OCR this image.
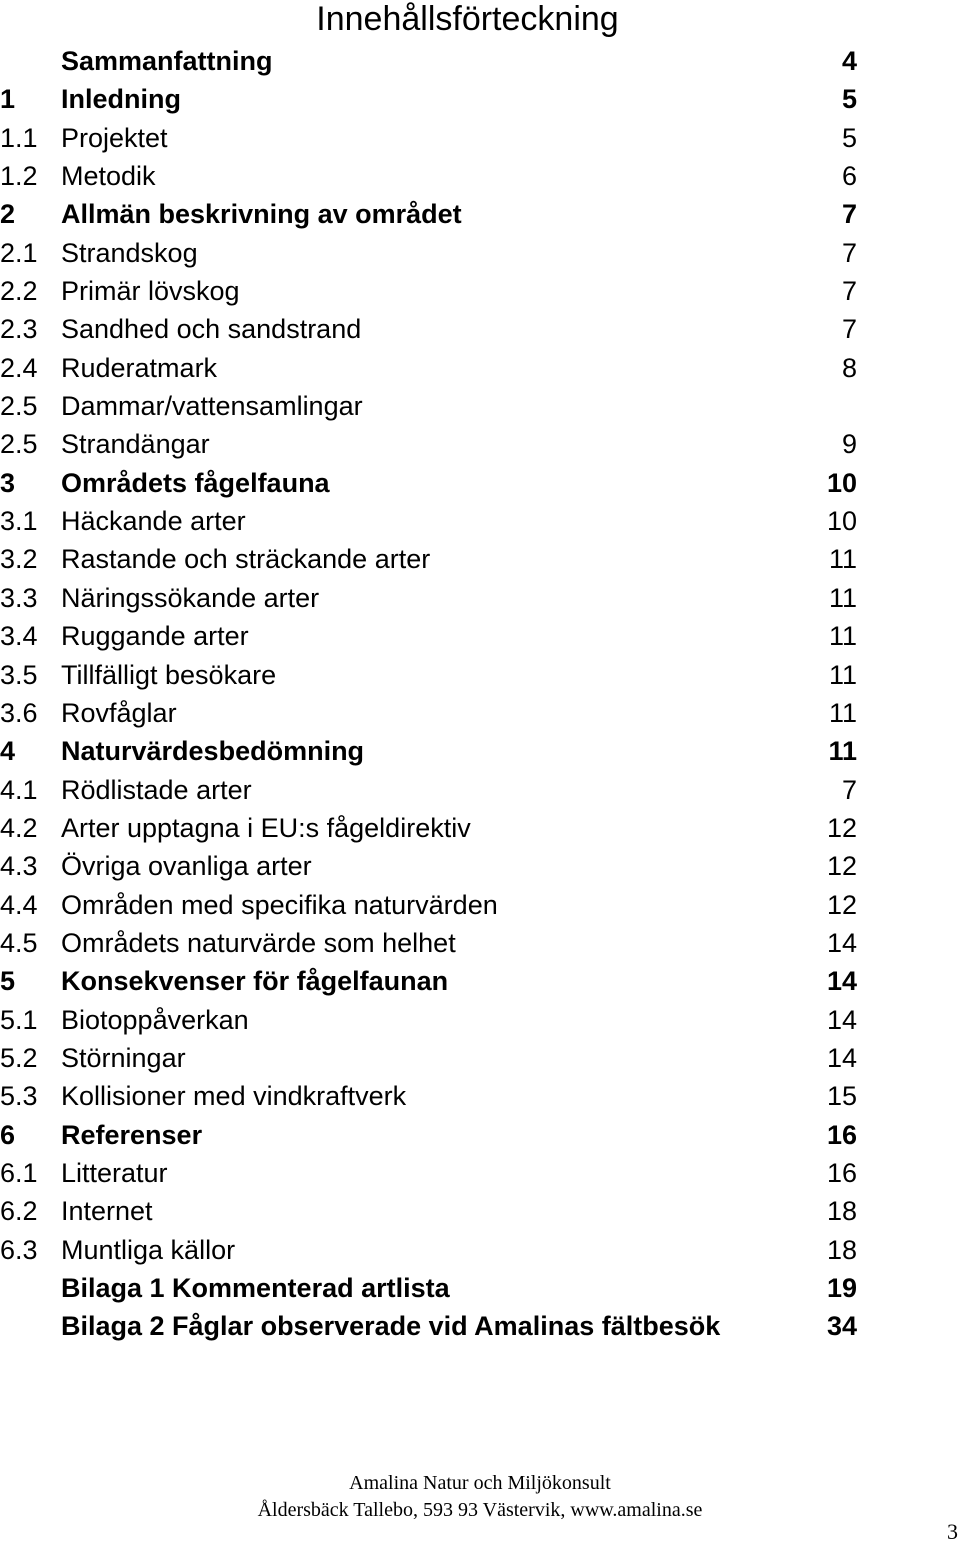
Innehållsförteckning
Sammanfattning	4
1 Inledning	5
1.1 Projektet	5
1.2 Metodik	6
2 Allmän beskrivning av området	7
2.1 Strandskog	7
2.2 Primär lövskog	7
2.3 Sandhed och sandstrand	7
2.4 Ruderatmark	8
2.5 Dammar/vattensamlingar
2.5 Strandängar	9
3 Områdets fågelfauna	10
3.1 Häckande arter	10
3.2 Rastande och sträckande arter	11
3.3 Näringssökande arter	11
3.4 Ruggande arter	11
3.5 Tillfälligt besökare	11
3.6 Rovfåglar	11
4 Naturvärdesbedömning	11
4.1 Rödlistade arter	7
4.2 Arter upptagna i EU:s fågeldirektiv	12
4.3 Övriga ovanliga arter	12
4.4 Områden med specifika naturvärden	12
4.5 Områdets naturvärde som helhet	14
5 Konsekvenser för fågelfaunan	14
5.1 Biotoppåverkan	14
5.2 Störningar	14
5.3 Kollisioner med vindkraftverk	15
6 Referenser	16
6.1 Litteratur	16
6.2 Internet	18
6.3 Muntliga källor	18
Bilaga 1 Kommenterad artlista	19
Bilaga 2 Fåglar observerade vid Amalinas fältbesök	34
Amalina Natur och Miljökonsult
Åldersbäck Tallebo, 593 93 Västervik, www.amalina.se
3
